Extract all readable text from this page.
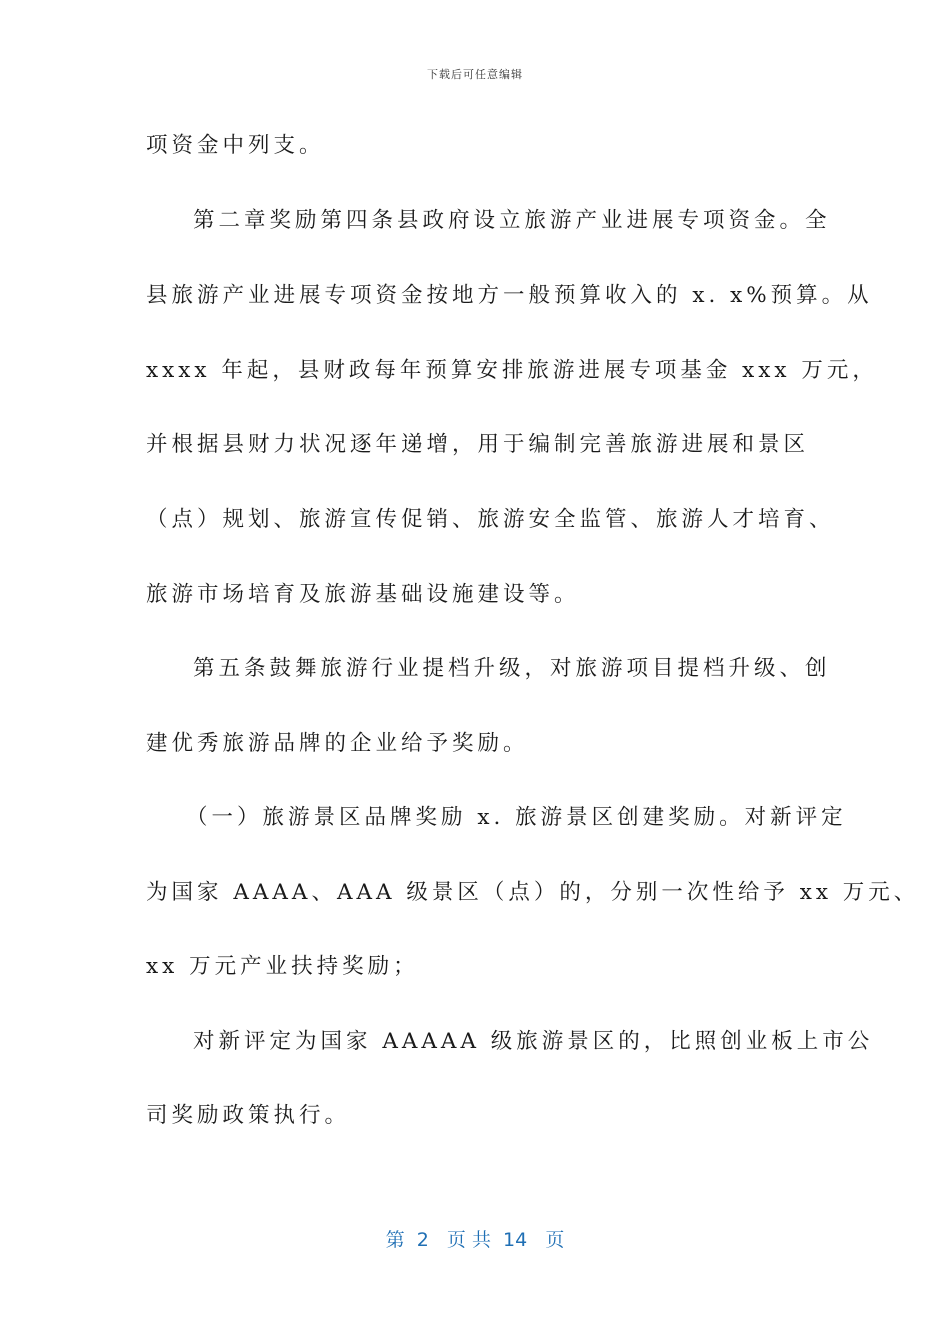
下载后可任意编辑
项资金中列支。
第二章奖励第四条县政府设立旅游产业进展专项资金。全
县旅游产业进展专项资金按地方一般预算收入的 x. x%预算。从
xxxx 年起，县财政每年预算安排旅游进展专项基金 xxx 万元，
并根据县财力状况逐年递增，用于编制完善旅游进展和景区
（点）规划、旅游宣传促销、旅游安全监管、旅游人才培育、
旅游市场培育及旅游基础设施建设等。
第五条鼓舞旅游行业提档升级，对旅游项目提档升级、创
建优秀旅游品牌的企业给予奖励。
（一）旅游景区品牌奖励 x. 旅游景区创建奖励。对新评定
为国家 AAAA、AAA 级景区（点）的，分别一次性给予 xx 万元、
xx 万元产业扶持奖励；
对新评定为国家 AAAAA 级旅游景区的，比照创业板上市公
司奖励政策执行。
第  2   页 共  14   页
